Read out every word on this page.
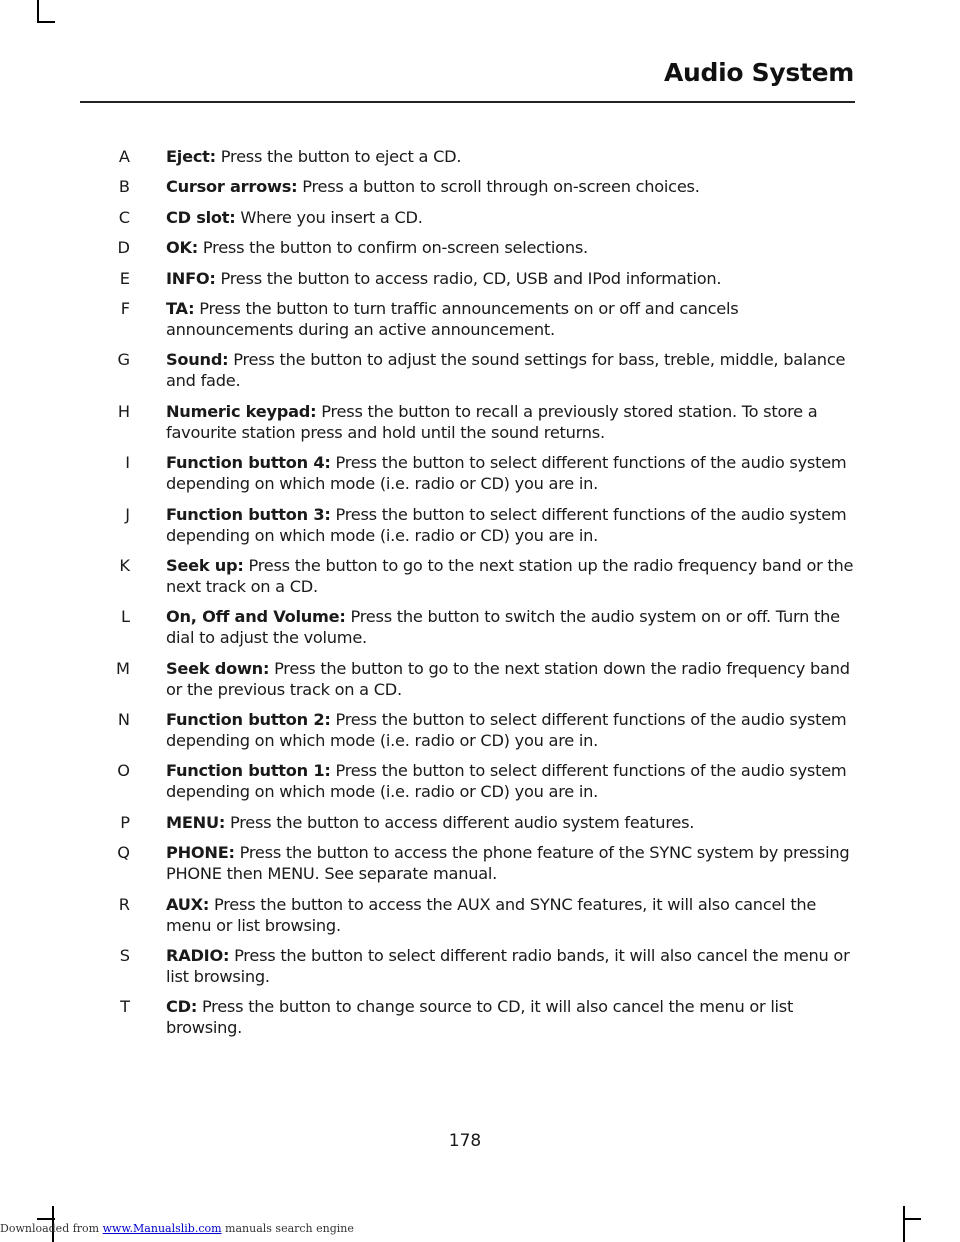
Audio System
A	Eject: Press the button to eject a CD.
B	Cursor arrows: Press a button to scroll through on-screen choices.
C	CD slot: Where you insert a CD.
D	OK: Press the button to confirm on-screen selections.
E	INFO: Press the button to access radio, CD, USB and IPod information.
F	TA: Press the button to turn traffic announcements on or off and cancels announcements during an active announcement.
G	Sound: Press the button to adjust the sound settings for bass, treble, middle, balance and fade.
H	Numeric keypad: Press the button to recall a previously stored station. To store a favourite station press and hold until the sound returns.
I	Function button 4: Press the button to select different functions of the audio system depending on which mode (i.e. radio or CD) you are in.
J	Function button 3: Press the button to select different functions of the audio system depending on which mode (i.e. radio or CD) you are in.
K	Seek up: Press the button to go to the next station up the radio frequency band or the next track on a CD.
L	On, Off and Volume: Press the button to switch the audio system on or off. Turn the dial to adjust the volume.
M	Seek down: Press the button to go to the next station down the radio frequency band or the previous track on a CD.
N	Function button 2: Press the button to select different functions of the audio system depending on which mode (i.e. radio or CD) you are in.
O	Function button 1: Press the button to select different functions of the audio system depending on which mode (i.e. radio or CD) you are in.
P	MENU: Press the button to access different audio system features.
Q	PHONE: Press the button to access the phone feature of the SYNC system by pressing PHONE then MENU. See separate manual.
R	AUX: Press the button to access the AUX and SYNC features, it will also cancel the menu or list browsing.
S	RADIO: Press the button to select different radio bands, it will also cancel the menu or list browsing.
T	CD: Press the button to change source to CD, it will also cancel the menu or list browsing.
178
Downloaded from www.Manualslib.com manuals search engine
